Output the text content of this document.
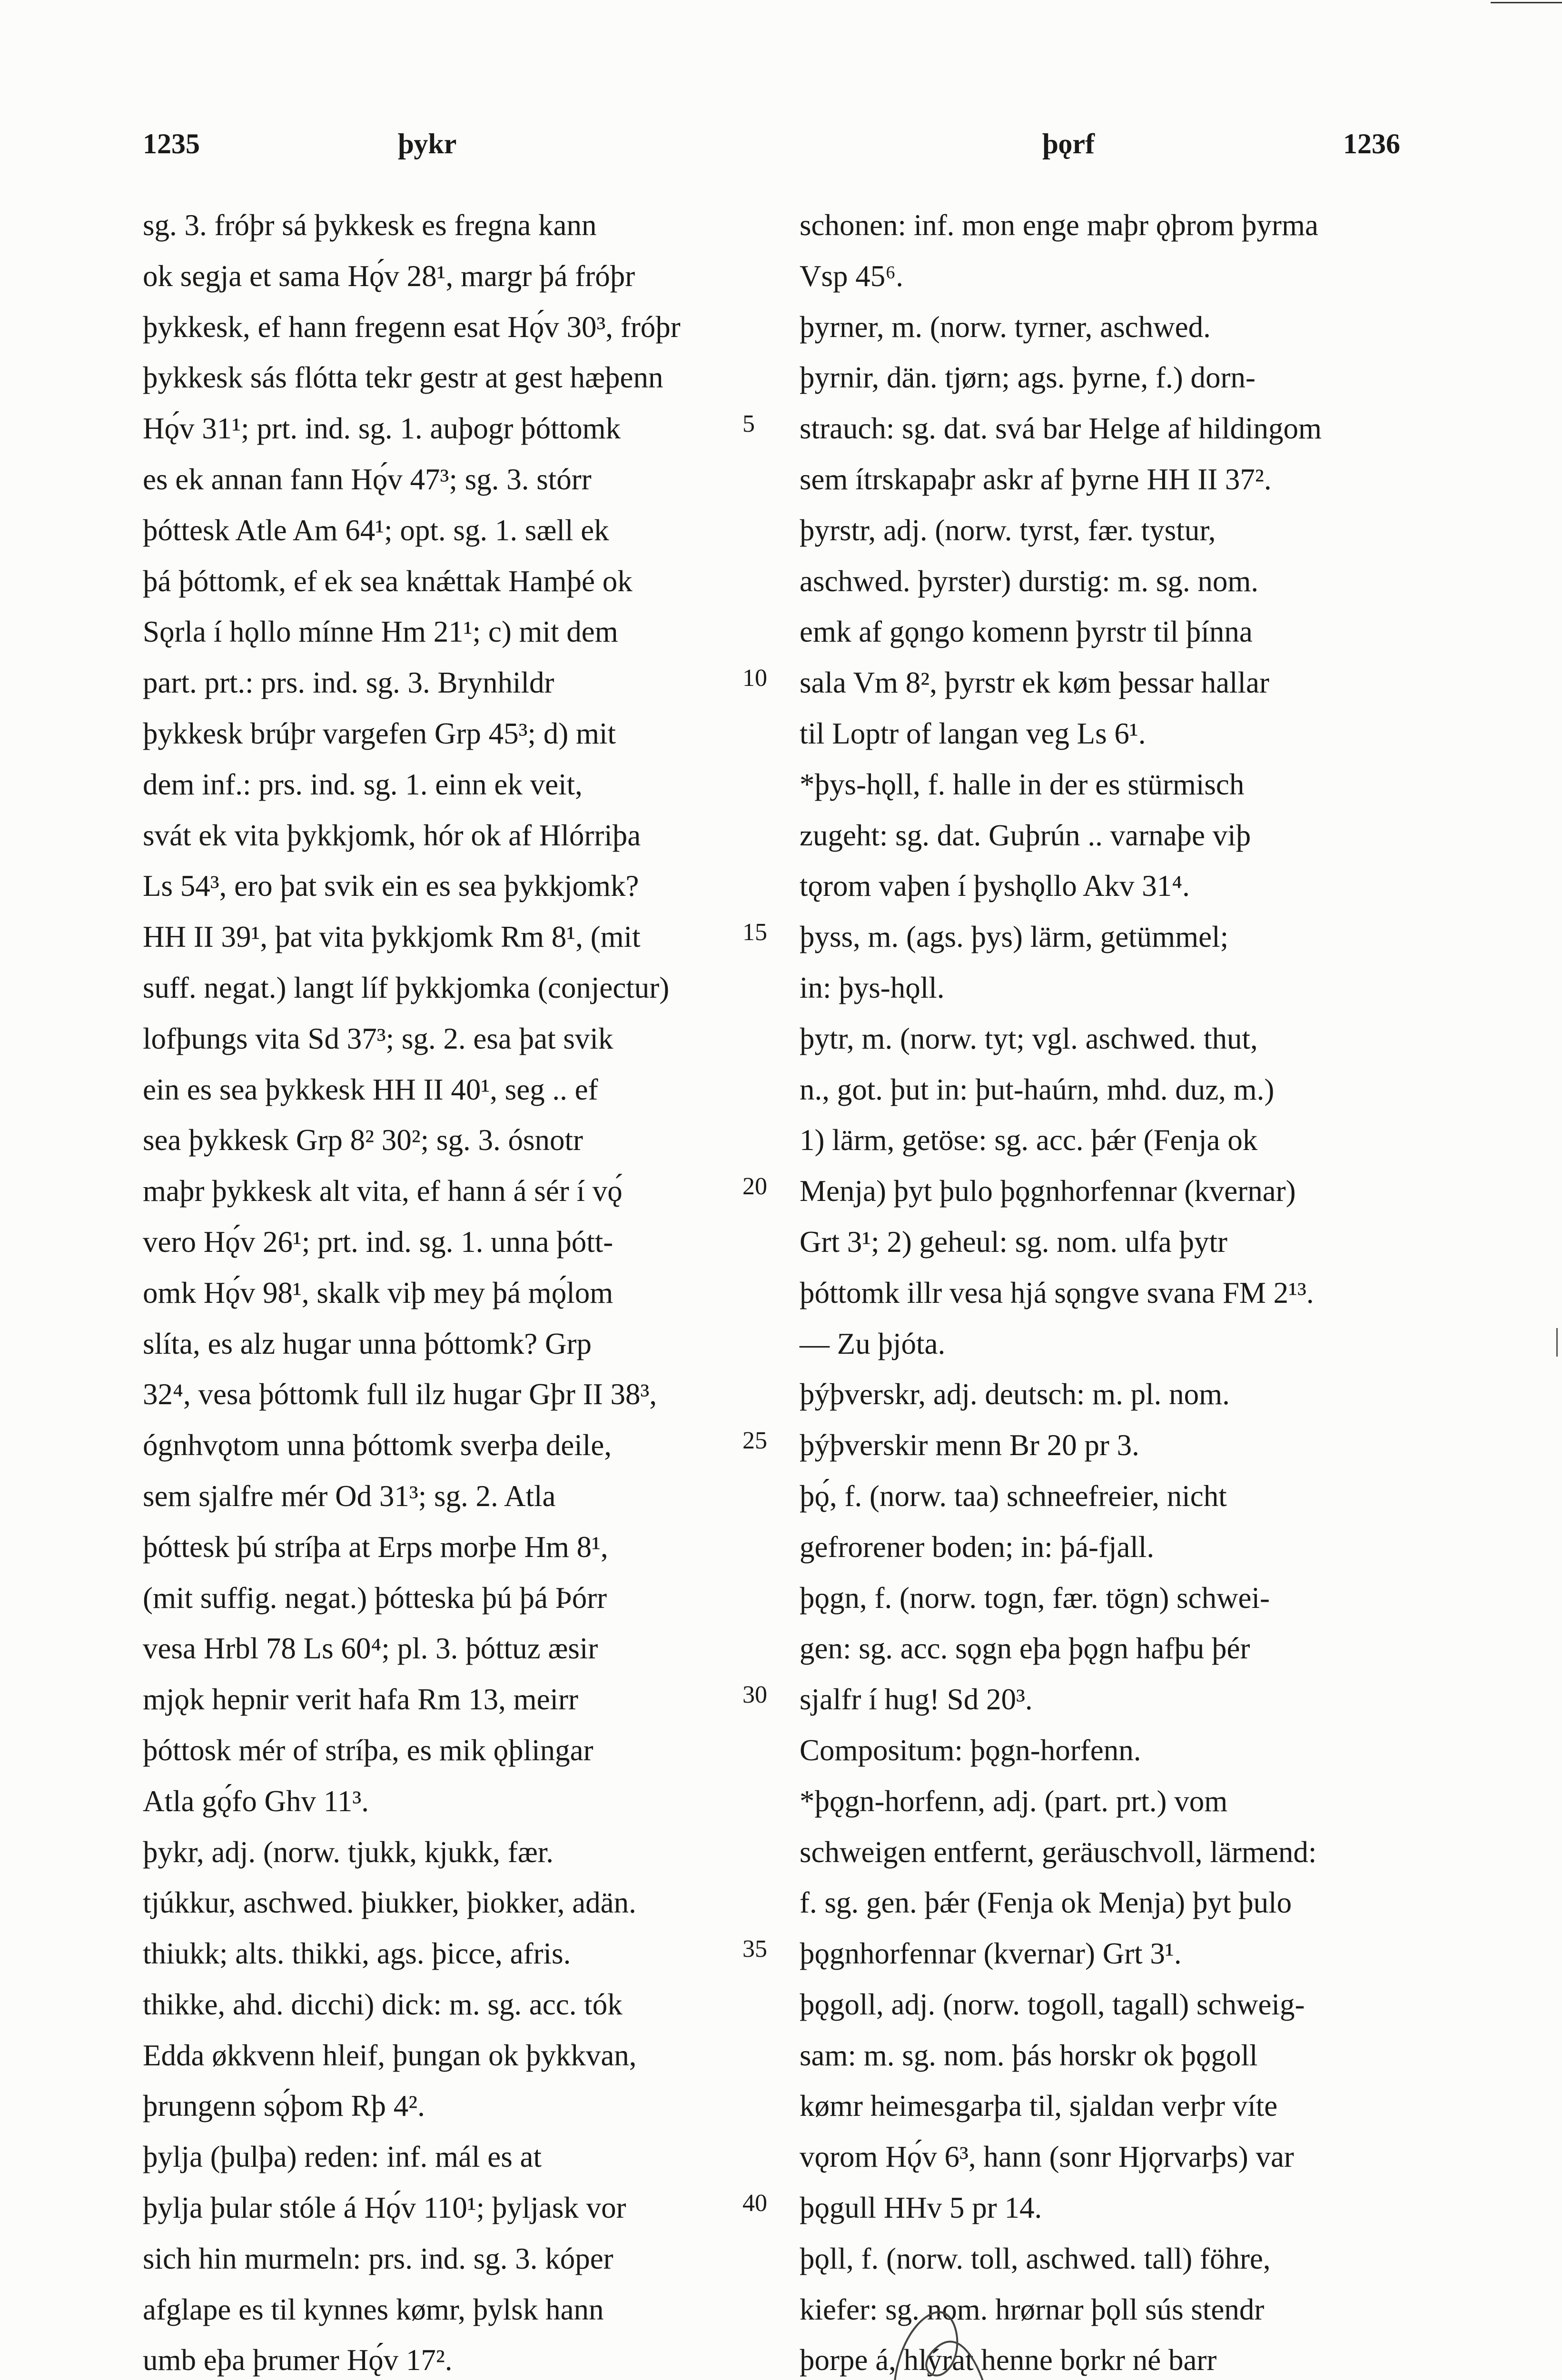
1235	þykr	þǫrf	1236

sg. 3. fróþr sá þykkesk es fregna kann

ok segja et sama Hǫ́v 28¹, margr þá fróþr

þykkesk, ef hann fregenn esat Hǫ́v 30³, fróþr

þykkesk sás flótta tekr gestr at gest hæþenn

Hǫ́v 31¹; prt. ind. sg. 1. auþogr þóttomk

es ek annan fann Hǫ́v 47³; sg. 3. stórr

þóttesk Atle Am 64¹; opt. sg. 1. sæll ek

þá þóttomk, ef ek sea knǽttak Hamþé ok

Sǫrla í hǫllo mínne Hm 21¹; c) mit dem

part. prt.: prs. ind. sg. 3. Brynhildr

þykkesk brúþr vargefen Grp 45³; d) mit

dem inf.: prs. ind. sg. 1. einn ek veit,

svát ek vita þykkjomk, hór ok af Hlórriþa

Ls 54³, ero þat svik ein es sea þykkjomk?

HH II 39¹, þat vita þykkjomk Rm 8¹, (mit

suff. negat.) langt líf þykkjomka (conjectur)

lofþungs vita Sd 37³; sg. 2. esa þat svik

ein es sea þykkesk HH II 40¹, seg .. ef

sea þykkesk Grp 8² 30²; sg. 3. ósnotr

maþr þykkesk alt vita, ef hann á sér í vǫ́

vero Hǫ́v 26¹; prt. ind. sg. 1. unna þótt-

omk Hǫ́v 98¹, skalk viþ mey þá mǫ́lom

slíta, es alz hugar unna þóttomk? Grp

32⁴, vesa þóttomk full ilz hugar Gþr II 38³,

ógnhvǫtom unna þóttomk sverþa deile,

sem sjalfre mér Od 31³; sg. 2. Atla

þóttesk þú stríþa at Erps morþe Hm 8¹,

(mit suffig. negat.) þótteska þú þá Þórr

vesa Hrbl 78 Ls 60⁴; pl. 3. þóttuz æsir

mjǫk hepnir verit hafa Rm 13, meirr

þóttosk mér of stríþa, es mik ǫþlingar

Atla gǫ́fo Ghv 11³.

þykr, adj. (norw. tjukk, kjukk, fær.

tjúkkur, aschwed. þiukker, þiokker, adän.

thiukk; alts. thikki, ags. þicce, afris.

thikke, ahd. dicchi) dick: m. sg. acc. tók

Edda økkvenn hleif, þungan ok þykkvan,

þrungenn sǫ́þom Rþ 4².

þylja (þulþa) reden: inf. mál es at

þylja þular stóle á Hǫ́v 110¹; þyljask vor

sich hin murmeln: prs. ind. sg. 3. kóper

afglape es til kynnes kømr, þylsk hann

umb eþa þrumer Hǫ́v 17².

5
10
15
20
25
30
35
40

schonen: inf. mon enge maþr ǫþrom þyrma

Vsp 45⁶.

þyrner, m. (norw. tyrner, aschwed.

þyrnir, dän. tjørn; ags. þyrne, f.) dorn-

strauch: sg. dat. svá bar Helge af hildingom

sem ítrskapaþr askr af þyrne HH II 37².

þyrstr, adj. (norw. tyrst, fær. tystur,

aschwed. þyrster) durstig: m. sg. nom.

emk af gǫngo komenn þyrstr til þínna

sala Vm 8², þyrstr ek køm þessar hallar

til Loptr of langan veg Ls 6¹.

*þys-hǫll, f. halle in der es stürmisch

zugeht: sg. dat. Guþrún .. varnaþe viþ

tǫrom vaþen í þyshǫllo Akv 31⁴.

þyss, m. (ags. þys) lärm, getümmel;

in: þys-hǫll.

þytr, m. (norw. tyt; vgl. aschwed. thut,

n., got. þut in: þut-haúrn, mhd. duz, m.)

1) lärm, getöse: sg. acc. þǽr (Fenja ok

Menja) þyt þulo þǫgnhorfennar (kvernar)

Grt 3¹; 2) geheul: sg. nom. ulfa þytr

þóttomk illr vesa hjá sǫngve svana FM 2¹³.

— Zu þjóta.

þýþverskr, adj. deutsch: m. pl. nom.

þýþverskir menn Br 20 pr 3.

þǫ́, f. (norw. taa) schneefreier, nicht

gefrorener boden; in: þá-fjall.

þǫgn, f. (norw. togn, fær. tögn) schwei-

gen: sg. acc. sǫgn eþa þǫgn hafþu þér

sjalfr í hug! Sd 20³.

Compositum: þǫgn-horfenn.

*þǫgn-horfenn, adj. (part. prt.) vom

schweigen entfernt, geräuschvoll, lärmend:

f. sg. gen. þǽr (Fenja ok Menja) þyt þulo

þǫgnhorfennar (kvernar) Grt 3¹.

þǫgoll, adj. (norw. togoll, tagall) schweig-

sam: m. sg. nom. þás horskr ok þǫgoll

kømr heimesgarþa til, sjaldan verþr víte

vǫrom Hǫ́v 6³, hann (sonr Hjǫrvarþs) var

þǫgull HHv 5 pr 14.

þǫll, f. (norw. toll, aschwed. tall) föhre,

kiefer: sg. nom. hrørnar þǫll sús stendr

þorpe á, hlýrat henne bǫrkr né barr
